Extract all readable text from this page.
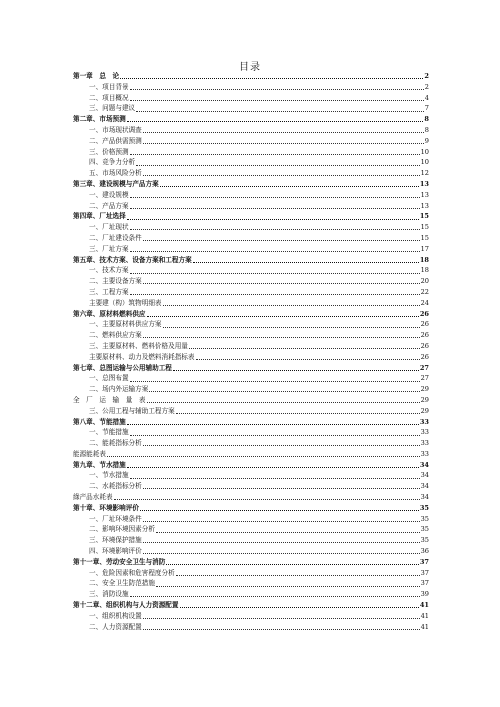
目录
第一章　总　论	2
一、项目背景	2
二、项目概况	4
三、问题与建议	7
第二章、市场预测	8
一、市场现状调查	8
二、产品供需预测	9
三、价格预测	10
四、竞争力分析	10
五、市场风险分析	12
第三章、建设规模与产品方案	13
一、建设规模	13
二、产品方案	13
第四章、厂址选择	15
一、厂址现状	15
二、厂址建设条件	15
三、厂址方案	17
第五章、技术方案、设备方案和工程方案	18
一、技术方案	18
二、主要设备方案	20
三、工程方案	22
主要建（构）筑物明细表	24
第六章、原材料燃料供应	26
一、主要原材料供应方案	26
二、燃料供应方案	26
三、主要原材料、燃料价格及用量	26
主要原材料、动力及燃料消耗指标表	26
第七章、总图运输与公用辅助工程	27
一、总图布置	27
二、场内外运输方案	29
全　厂　运　输　量　表	29
三、公用工程与辅助工程方案	29
第八章、节能措施	33
一、节能措施	33
二、能耗指标分析	33
能源能耗表	33
第九章、节水措施	34
一、节水措施	34
二、水耗指标分析	34
綠产品水耗表	34
第十章、环境影响评价	35
一、厂址环境条件	35
二、影响环境因素分析	35
三、环境保护措施	35
四、环境影响评价	36
第十一章、劳动安全卫生与消防	37
一、危险因素和危害程度分析	37
二、安全卫生防范措施	37
三、消防设施	39
第十二章、组织机构与人力资源配置	41
一、组织机构设置	41
二、人力资源配置	41
